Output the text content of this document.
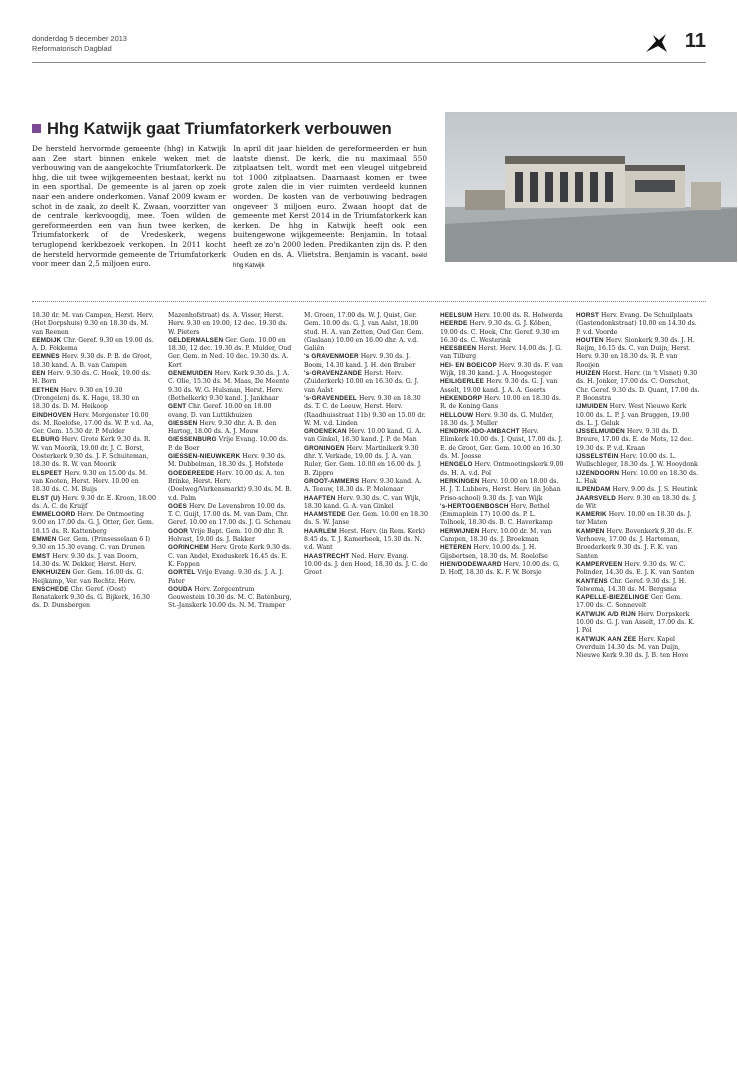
donderdag 5 december 2013
Reformatorisch Dagblad	11
Hhg Katwijk gaat Triumfatorkerk verbouwen
De hersteld hervormde gemeente (hhg) in Katwijk aan Zee start binnen enkele weken met de verbouwing van de aangekochte Triumfatorkerk. De hhg, die uit twee wijkgemeenten bestaat, kerkt nu in een sporthal. De gemeente is al jaren op zoek naar een andere onderkomen. Vanaf 2009 kwam er schot in de zaak, zo deelt K. Zwaan, voorzitter van de centrale kerkvoogdij, mee. Toen wilden de gereformeerden een van hun twee kerken, de Triumfatorkerk of de Vredeskerk, wegens teruglopend kerkbezoek verkopen. In 2011 kocht de hersteld hervormde gemeente de Triumfatorkerk voor meer dan 2,5 miljoen euro.
In april dit jaar hielden de gereformeerden er hun laatste dienst. De kerk, die nu maximaal 550 zitplaatsen telt, wordt met een vleugel uitgebreid tot 1000 zitplaatsen. Daarnaast komen er twee grote zalen die in vier ruimten verdeeld kunnen worden. De kosten van de verbouwing bedragen ongeveer 3 miljoen euro. Zwaan hoopt dat de gemeente met Kerst 2014 in de Triumfatorkerk kan kerken. De hhg in Katwijk heeft ook een buitengewone wijkgemeente: Benjamin. In totaal heeft ze zo'n 2000 leden. Predikanten zijn ds. P. den Ouden en ds. A. Vlietstra. Benjamin is vacant. beeld hhg Katwijk

18.30 dr. M. van Campen, Herst. Herv. (Het Dorpshuis) 9.30 en 18.30 ds. M. van Reenen

EEMDIJK Chr. Geref. 9.30 en 19.00 ds. A. D. Fokkema

EEMNES Herv. 9.30 ds. P. B. de Groot, 18.30 kand. A. B. van Campen

EEN Herv. 9.30 ds. C. Hoek, 19.00 ds. H. Born

EETHEN Herv. 9.30 en 19.30 (Drongelen) ds. K. Hage, 18.30 en 18.30 ds. D. M. Heikoop

EINDHOVEN Herv. Morgenster 10.00 ds. M. Roelofse, 17.00 ds. W. P. v.d. Aa, Ger. Gem. 15.30 dr. P. Mulder

ELBURG Herv. Grote Kerk 9.30 ds. R. W. van Moorik, 19.00 dr. J. C. Borst, Oosterkerk 9.30 ds. J. F. Schuiteman, 18.30 ds. R. W. van Moorik

ELSPEET Herv. 9.30 en 15.00 ds. M. van Kooten, Herst. Herv. 10.00 en 18.30 ds. C. M. Buijs

ELST (U) Herv. 9.30 dr. E. Kroon, 18.00 ds. A. C. de Kruijf

EMMELOORD Herv. De Ontmoeting 9.00 en 17.00 ds. G. J. Otter, Ger. Gem. 18.15 ds. R. Kattenberg

EMMEN Ger. Gem. (Prinsesselaan 6 I) 9.30 en 15.30 evang. C. van Drunen

EMST Herv. 9.30 ds. J. van Doorn, 14.30 ds. W. Dekker, Herst. Herv.

ENKHUIZEN Ger. Gem. 16.00 ds. G. Heijkamp, Ver. van Rechtz. Herv.

ENSCHEDE Chr. Geref. (Oost) Renatakerk 9.30 ds. G. Bijkerk, 16.30 ds. D. Dunsbergen

Mazenhofstraat) ds. A. Visser, Herst. Herv. 9.30 en 19.00, 12 dec. 19.30 ds. W. Pieters

GELDERMALSEN Ger. Gem. 10.00 en 18.30, 12 dec. 19.30 ds. P. Mulder, Oud Ger. Gem. in Ned. 10 dec. 19.30 ds. A. Kort

GENEMUIDEN Herv. Kerk 9.30 ds. J. A. C. Olie, 15.30 ds. M. Maas, De Meente 9.30 ds. W. G. Hulsman, Herst. Herv. (Bethelkerk) 9.30 kand. J. Jankhaar

GENT Chr. Geref. 10.00 en 18.00 evang. D. van Luttikhuizen

GIESSEN Herv. 9.30 dhr. A. B. den Hartog, 18.00 ds. A. J. Mouw

GIESSENBURG Vrije Evang. 10.00 ds. P. de Boer

GIESSEN-NIEUWKERK Herv. 9.30 ds. M. Dubbelman, 18.30 ds. J. Hofstede

GOEDEREEDE Herv. 10.00 ds. A. ten Brinke, Herst. Herv. (Doelweg/Varkensmarkt) 9.30 ds. M. B. v.d. Palm

GOES Herv. De Levensbron 10.00 ds. T. C. Guijt, 17.00 ds. M. van Dam, Chr. Geref. 10.00 en 17.00 ds. J. G. Schenau

GOOR Vrije Bapt. Gem. 10.00 dhr. R. Holvast, 19.00 ds. J. Bakker

GORINCHEM Herv. Grote Kerk 9.30 ds. C. van Andel, Exoduskerk 16.45 ds. E. K. Foppen

GORTEL Vrije Evang. 9.30 ds. J. A. J. Pater

GOUDA Herv. Zorgcentrum Gouwestein 10.30 ds. M. C. Batenburg, St.-Janskerk 10.00 ds. N. M. Tramper

M. Groen, 17.00 ds. W. J. Quist, Ger. Gem. 10.00 ds. G. J. van Aalst, 18.00 stud. H. A. van Zetten, Oud Ger. Gem. (Gaslaan) 10.00 en 16.00 dhr. A. v.d. Galiën

's GRAVENMOER Herv. 9.30 ds. J. Boom, 14.30 kand. J. H. den Braber

's-GRAVENZANDE Herst. Herv. (Zuiderkerk) 10.00 en 16.30 ds. G. J. van Aalst

's-GRAVENDEEL Herv. 9.30 en 18.30 ds. T. C. de Leeuw, Herst. Herv. (Raadhuisstraat 11b) 9.30 en 15.00 dr. W. M. v.d. Linden

GROENEKAN Herv. 10.00 kand. G. A. van Ginkel, 18.30 kand. J. P. de Man

GRONINGEN Herv. Martinikerk 9.30 dhr. Y. Verkade, 19.00 ds. J. A. van Ruler, Ger. Gem. 10.00 en 16.00 ds. J. B. Zippro

GROOT-AMMERS Herv. 9.30 kand. A. A. Teeuw, 18.30 ds. P. Molenaar

HAAFTEN Herv. 9.30 ds. C. van Wijk, 18.30 kand. G. A. van Ginkel

HAAMSTEDE Ger. Gem. 10.00 en 18.30 ds. S. W. Janse

HAARLEM Herst. Herv. (in Rem. Kerk) 8.45 ds. T. J. Kamerbeek, 15.30 ds. N. v.d. Want

HAASTRECHT Ned. Herv. Evang. 10.00 ds. J. den Hoed, 18.30 ds. J. C. de Groot

HEELSUM Herv. 10.00 ds. R. Holwerda

HEERDE Herv. 9.30 ds. G. J. Köben, 19.00 ds. C. Hoek, Chr. Geref. 9.30 en 16.30 ds. C. Westerink

HEESBEEN Herst. Herv. 14.00 ds. J. G. van Tilburg

HEI- EN BOEICOP Herv. 9.30 ds. F. van Wijk, 18.30 kand. J. A. Hoogesteger

HEILIGERLEE Herv. 9.30 ds. G. J. van Asselt, 19.00 kand. J. A. A. Geerts

HEKENDORP Herv. 10.00 en 18.30 ds. R. de Koning Gans

HELLOUW Herv. 9.30 ds. G. Mulder, 18.30 ds. J. Muller

HENDRIK-IDO-AMBACHT Herv. Elimkerk 10.00 ds. J. Quist, 17.00 ds. J. E. de Groot, Ger. Gem. 10.00 en 16.30 ds. M. Joosse

HENGELO Herv. Ontmoetingskerk 9.00 ds. H. A. v.d. Pol

HERKINGEN Herv. 10.00 en 18.00 ds. H. J. T. Lubbers, Herst. Herv. (in Johan Friso-school) 9.30 ds. J. van Wijk

's-HERTOGENBOSCH Herv. Bethel (Emmaplein 17) 10.00 ds. P. L. Tolhoek, 18.30 ds. B. C. Haverkamp

HERWIJNEN Herv. 10.00 dr. M. van Campen, 18.30 ds. J. Broekman

HETEREN Herv. 10.00 ds. J. H. Gijsbertsen, 18.30 ds. M. Roelofse

HIEN/DODEWAARD Herv. 10.00 ds. G. D. Hoff, 18.30 ds. K. F. W. Borsje

HORST Herv. Evang. De Schuilplaats (Gastendonkstraat) 10.00 en 14.30 ds. P. v.d. Voorde

HOUTEN Herv. Sionkerk 9.30 ds. J. H. Reijm, 16.15 ds. C. van Duijn, Herst. Herv. 9.30 en 18.30 ds. R. P. van Rooijen

HUIZEN Herst. Herv. (in 't Visnet) 9.30 ds. H. Jonker, 17.00 ds. C. Oorschot, Chr. Geref. 9.30 ds. D. Quant, 17.00 ds. P. Boonstra

IJMUIDEN Herv. West Nieuwe Kerk 10.00 ds. L. P. J. van Bruggen, 19.00 ds. L. J. Geluk

IJSSELMUIDEN Herv. 9.30 ds. D. Breure, 17.00 ds. E. de Mots, 12 dec. 19.30 ds. P. v.d. Kraan

IJSSELSTEIN Herv. 10.00 ds. L. Wullschleger, 18.30 ds. J. W. Hooydonk

IJZENDOORN Herv. 10.00 en 18.30 ds. L. Hak

ILPENDAM Herv. 9.00 ds. J. S. Heutink

JAARSVELD Herv. 9.30 en 18.30 ds. J. de Wit

KAMERIK Herv. 10.00 en 18.30 ds. J. ter Maten

KAMPEN Herv. Bovenkerk 9.30 ds. F. Verhoeve, 17.00 ds. J. Harteman, Broederkerk 9.30 ds. J. F. K. van Santen

KAMPERVEEN Herv. 9.30 ds. W. C. Polinder, 14.30 ds. E. J. K. van Santen

KANTENS Chr. Geref. 9.30 ds. J. H. Telwema, 14.30 ds. M. Bergsma

KAPELLE-BIEZELINGE Ger. Gem. 17.00 ds. C. Sonnevelt

KATWIJK A/D RIJN Herv. Dorpskerk 10.00 ds. G. J. van Asselt, 17.00 ds. K. J. Pol

KATWIJK AAN ZEE Herv. Kapel Overduin 14.30 ds. M. van Duijn, Nieuwe Kerk 9.30 ds. J. B. ten Hove
